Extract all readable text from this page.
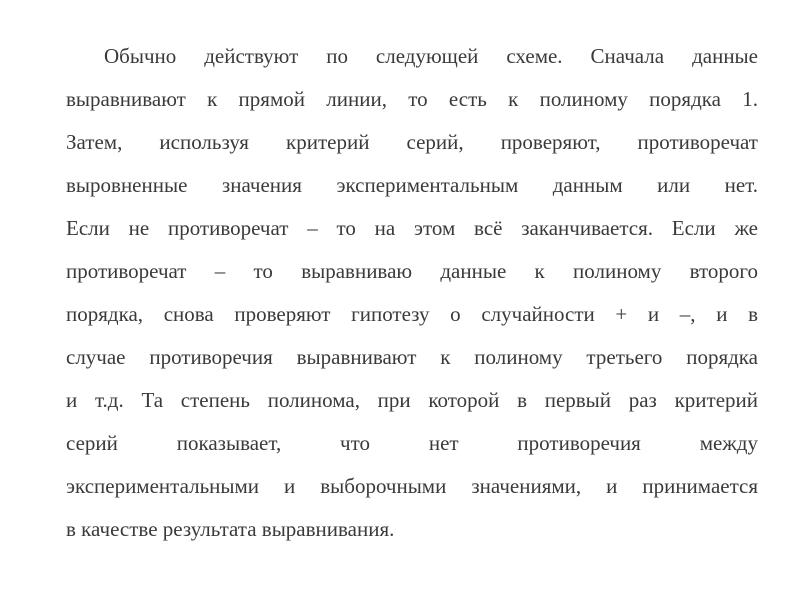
Обычно действуют по следующей схеме. Сначала данные
выравнивают к прямой линии, то есть к полиному порядка 1.
Затем, используя критерий серий, проверяют, противоречат
выровненные значения экспериментальным данным или нет.
Если не противоречат – то на этом всё заканчивается. Если же
противоречат – то выравниваю данные к полиному второго
порядка, снова проверяют гипотезу о случайности + и –, и в
случае противоречия выравнивают к полиному третьего порядка
и т.д. Та степень полинома, при которой в первый раз критерий
серий показывает, что нет противоречия между
экспериментальными и выборочными значениями, и принимается
в качестве результата выравнивания.
